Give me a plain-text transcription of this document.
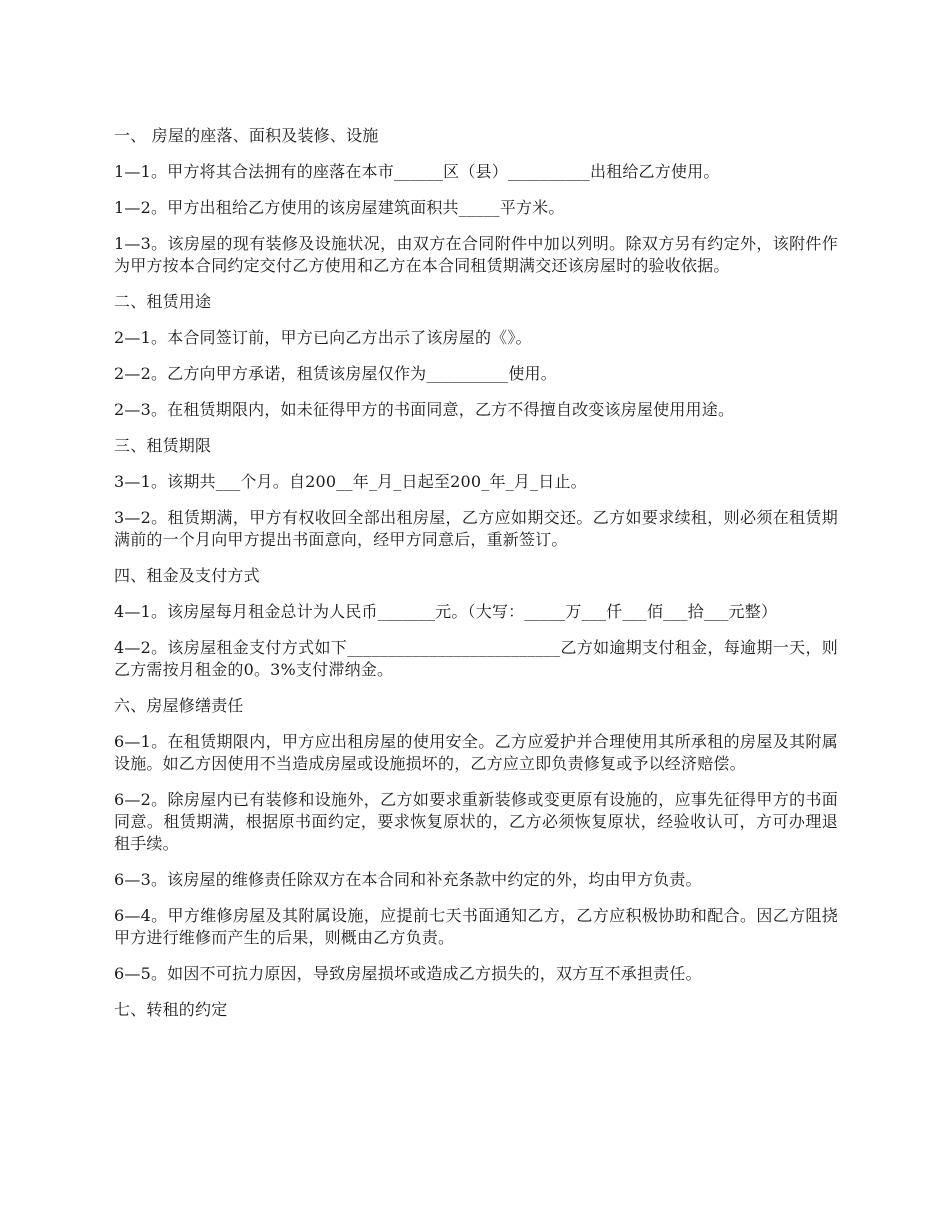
一、 房屋的座落、面积及装修、设施

1—1。甲方将其合法拥有的座落在本市______区（县）__________出租给乙方使用。

1—2。甲方出租给乙方使用的该房屋建筑面积共_____平方米。

1—3。该房屋的现有装修及设施状况，由双方在合同附件中加以列明。除双方另有约定外，该附件作为甲方按本合同约定交付乙方使用和乙方在本合同租赁期满交还该房屋时的验收依据。

二、租赁用途

2—1。本合同签订前，甲方已向乙方出示了该房屋的《》。

2—2。乙方向甲方承诺，租赁该房屋仅作为__________使用。

2—3。在租赁期限内，如未征得甲方的书面同意，乙方不得擅自改变该房屋使用用途。

三、租赁期限

3—1。该期共___个月。自200__年_月_日起至200_年_月_日止。

3—2。租赁期满，甲方有权收回全部出租房屋，乙方应如期交还。乙方如要求续租，则必须在租赁期满前的一个月向甲方提出书面意向，经甲方同意后，重新签订。

四、租金及支付方式

4—1。该房屋每月租金总计为人民币_______元。（大写：_____万___仟___佰___拾___元整）

4—2。该房屋租金支付方式如下__________________________乙方如逾期支付租金，每逾期一天，则乙方需按月租金的0。3%支付滞纳金。

六、房屋修缮责任

6—1。在租赁期限内，甲方应出租房屋的使用安全。乙方应爱护并合理使用其所承租的房屋及其附属设施。如乙方因使用不当造成房屋或设施损坏的，乙方应立即负责修复或予以经济赔偿。

6—2。除房屋内已有装修和设施外，乙方如要求重新装修或变更原有设施的，应事先征得甲方的书面同意。租赁期满，根据原书面约定，要求恢复原状的，乙方必须恢复原状，经验收认可，方可办理退租手续。

6—3。该房屋的维修责任除双方在本合同和补充条款中约定的外，均由甲方负责。

6—4。甲方维修房屋及其附属设施，应提前七天书面通知乙方，乙方应积极协助和配合。因乙方阻挠甲方进行维修而产生的后果，则概由乙方负责。

6—5。如因不可抗力原因，导致房屋损坏或造成乙方损失的，双方互不承担责任。

七、转租的约定
